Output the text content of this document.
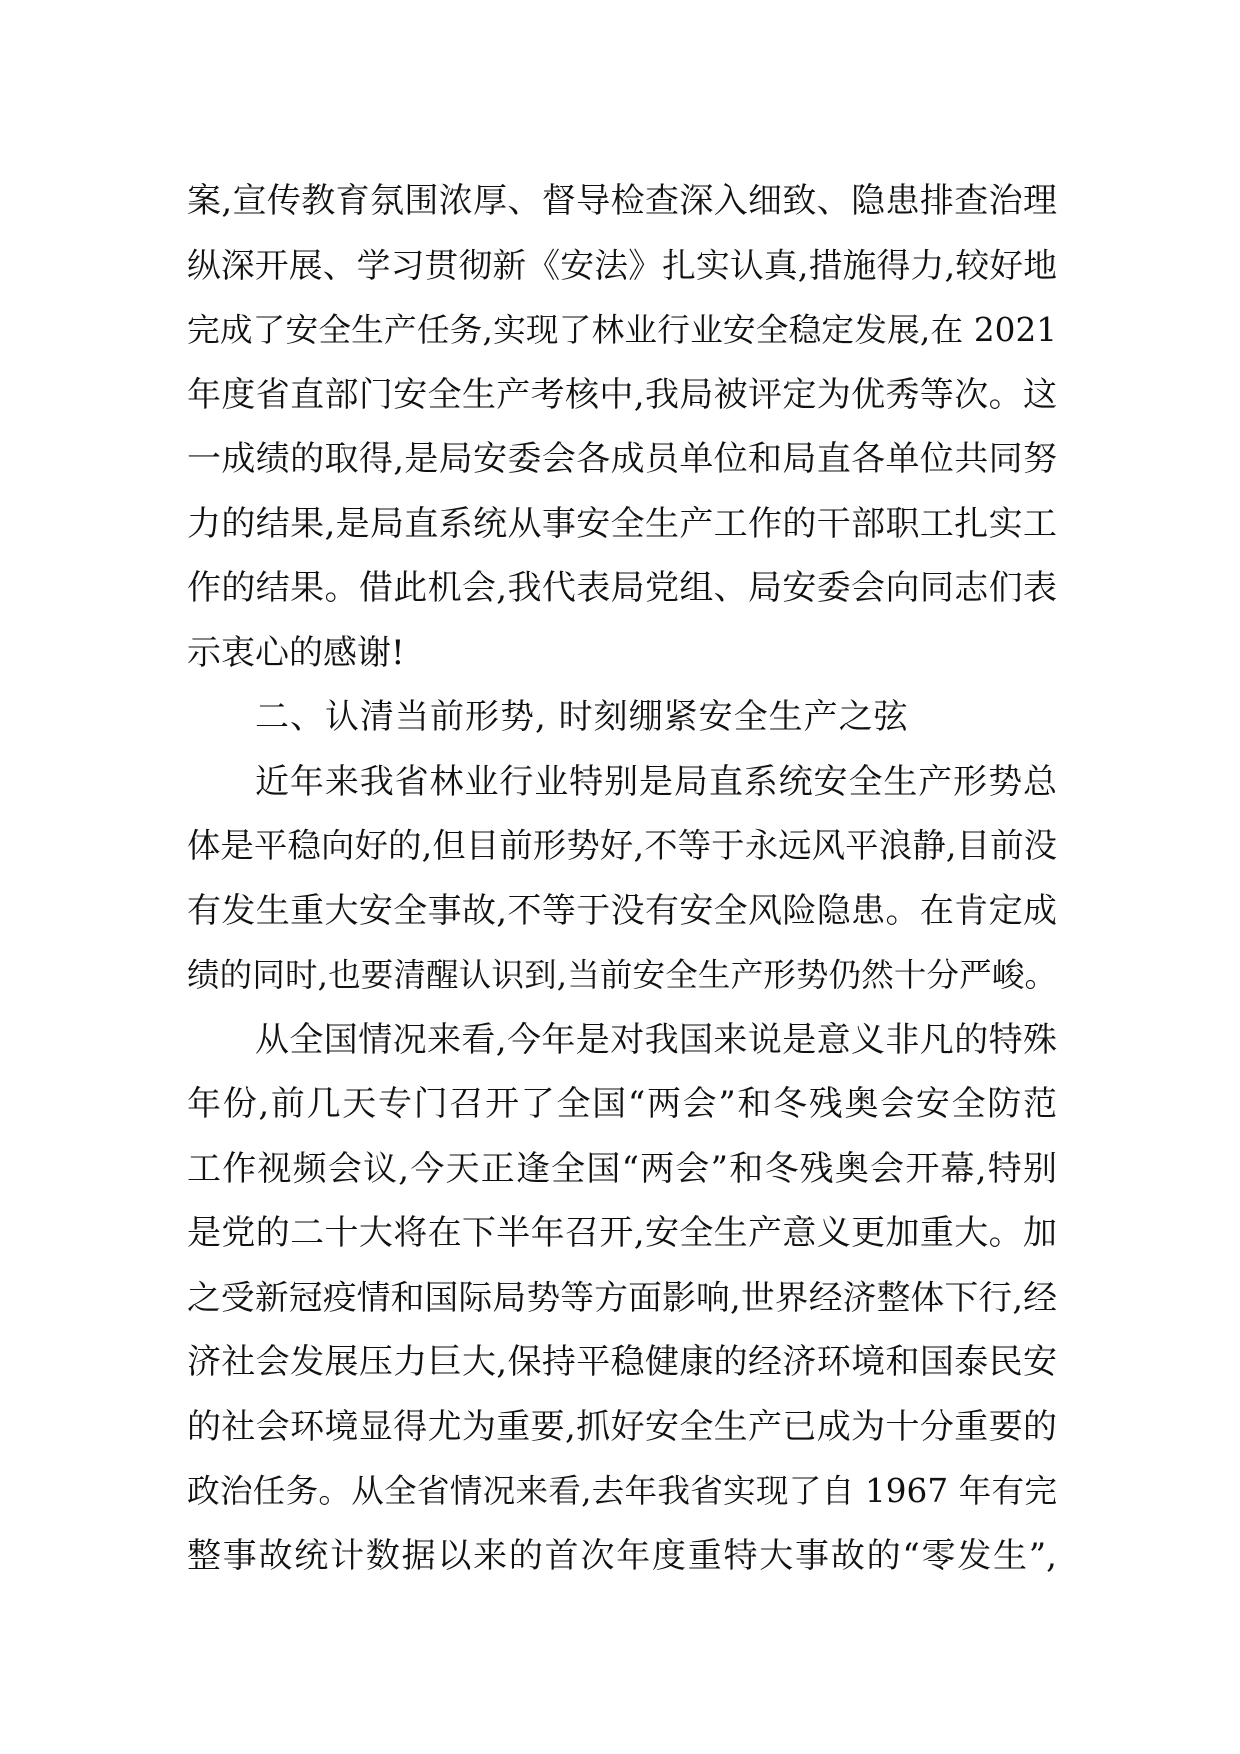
案,宣传教育氛围浓厚、督导检查深入细致、隐患排查治理
纵深开展、学习贯彻新《安法》扎实认真,措施得力,较好地
完成了安全生产任务,实现了林业行业安全稳定发展,在 2021
年度省直部门安全生产考核中,我局被评定为优秀等次。这
一成绩的取得,是局安委会各成员单位和局直各单位共同努
力的结果,是局直系统从事安全生产工作的干部职工扎实工
作的结果。借此机会,我代表局党组、局安委会向同志们表
示衷心的感谢!
二、认清当前形势, 时刻绷紧安全生产之弦
近年来我省林业行业特别是局直系统安全生产形势总
体是平稳向好的,但目前形势好,不等于永远风平浪静,目前没
有发生重大安全事故,不等于没有安全风险隐患。在肯定成
绩的同时,也要清醒认识到,当前安全生产形势仍然十分严峻。
从全国情况来看,今年是对我国来说是意义非凡的特殊
年份,前几天专门召开了全国“两会”和冬残奥会安全防范
工作视频会议,今天正逢全国“两会”和冬残奥会开幕,特别
是党的二十大将在下半年召开,安全生产意义更加重大。加
之受新冠疫情和国际局势等方面影响,世界经济整体下行,经
济社会发展压力巨大,保持平稳健康的经济环境和国泰民安
的社会环境显得尤为重要,抓好安全生产已成为十分重要的
政治任务。从全省情况来看,去年我省实现了自 1967 年有完
整事故统计数据以来的首次年度重特大事故的“零发生”,
